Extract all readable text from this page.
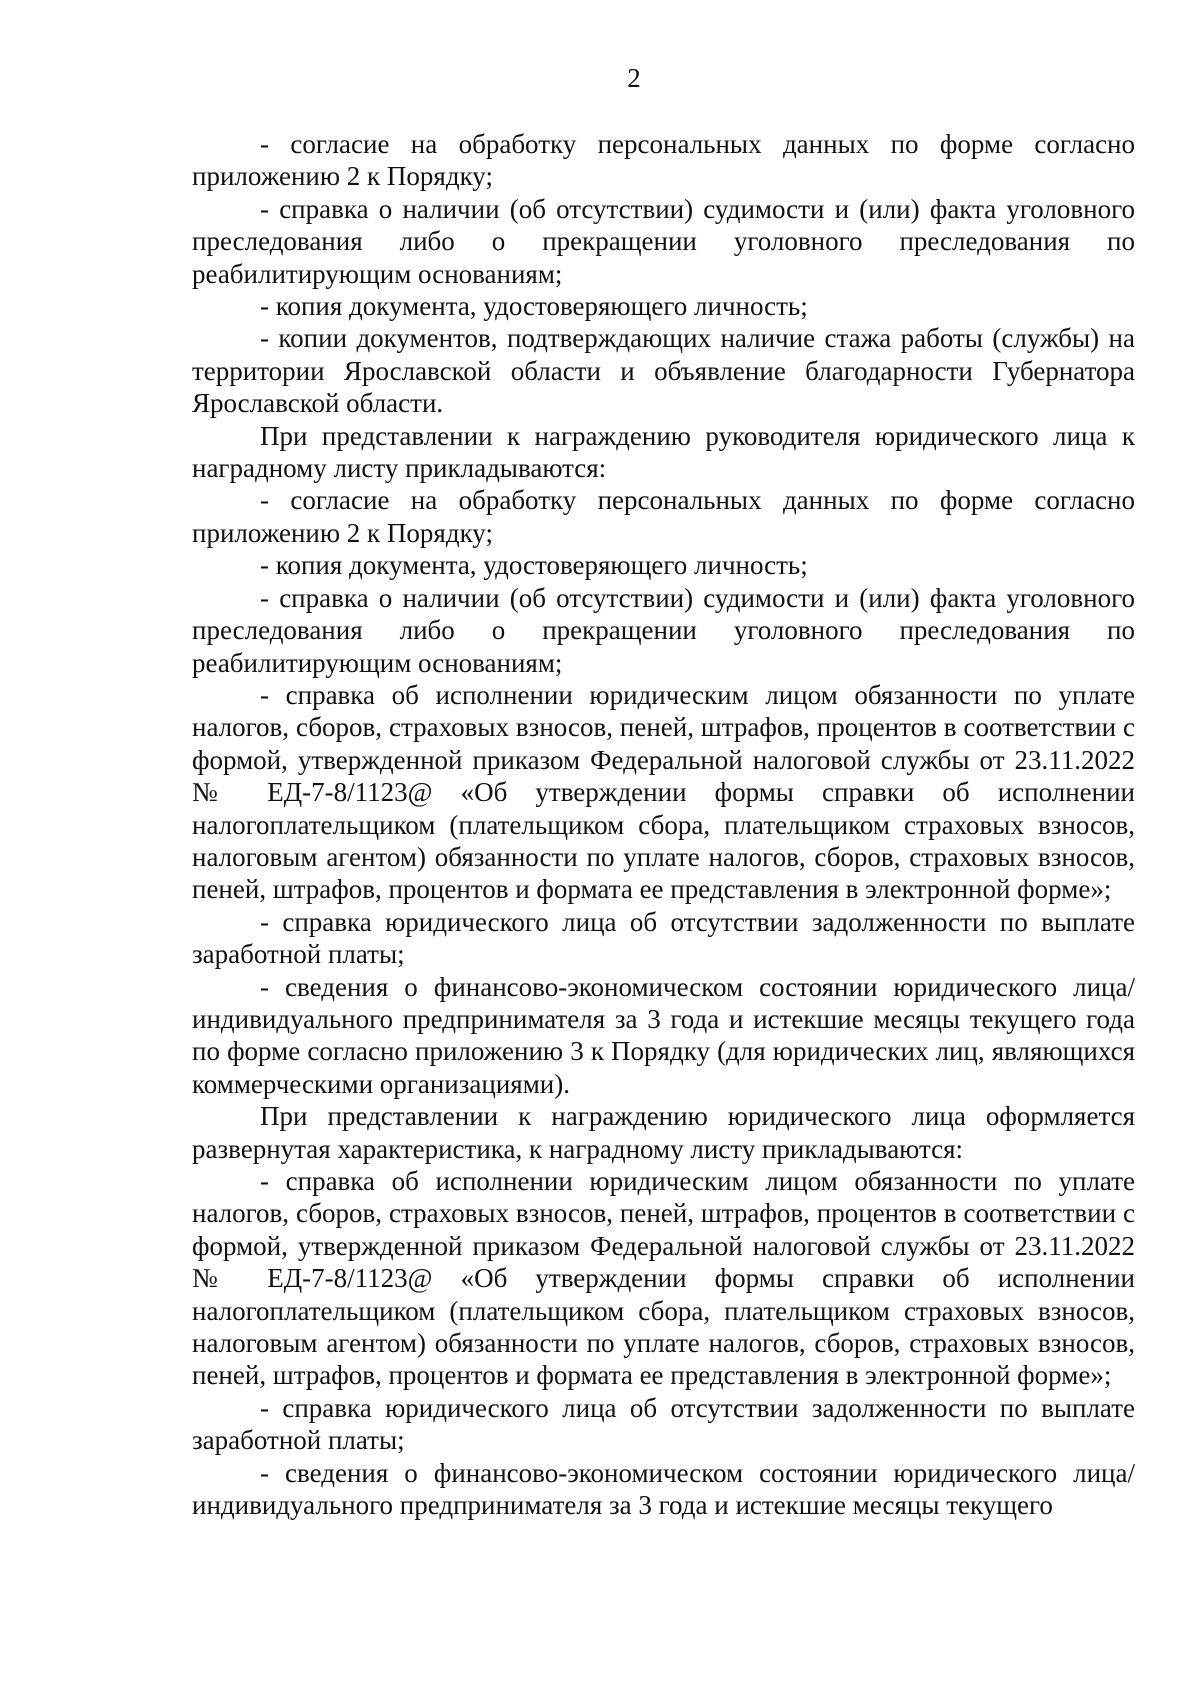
2

- согласие на обработку персональных данных по форме согласно приложению 2 к Порядку;

- справка о наличии (об отсутствии) судимости и (или) факта уголовного преследования либо о прекращении уголовного преследования по реабилитирующим основаниям;

- копия документа, удостоверяющего личность;

- копии документов, подтверждающих наличие стажа работы (службы) на территории Ярославской области и объявление благодарности Губернатора Ярославской области.

При представлении к награждению руководителя юридического лица к наградному листу прикладываются:

- согласие на обработку персональных данных по форме согласно приложению 2 к Порядку;

- копия документа, удостоверяющего личность;

- справка о наличии (об отсутствии) судимости и (или) факта уголовного преследования либо о прекращении уголовного преследования по реабилитирующим основаниям;

- справка об исполнении юридическим лицом обязанности по уплате налогов, сборов, страховых взносов, пеней, штрафов, процентов в соответствии с формой, утвержденной приказом Федеральной налоговой службы от 23.11.2022 № ЕД-7-8/1123@ «Об утверждении формы справки об исполнении налогоплательщиком (плательщиком сбора, плательщиком страховых взносов, налоговым агентом) обязанности по уплате налогов, сборов, страховых взносов, пеней, штрафов, процентов и формата ее представления в электронной форме»;

- справка юридического лица об отсутствии задолженности по выплате заработной платы;

- сведения о финансово-экономическом состоянии юридического лица/ индивидуального предпринимателя за 3 года и истекшие месяцы текущего года по форме согласно приложению 3 к Порядку (для юридических лиц, являющихся коммерческими организациями).

При представлении к награждению юридического лица оформляется развернутая характеристика, к наградному листу прикладываются:

- справка об исполнении юридическим лицом обязанности по уплате налогов, сборов, страховых взносов, пеней, штрафов, процентов в соответствии с формой, утвержденной приказом Федеральной налоговой службы от 23.11.2022 № ЕД-7-8/1123@ «Об утверждении формы справки об исполнении налогоплательщиком (плательщиком сбора, плательщиком страховых взносов, налоговым агентом) обязанности по уплате налогов, сборов, страховых взносов, пеней, штрафов, процентов и формата ее представления в электронной форме»;

- справка юридического лица об отсутствии задолженности по выплате заработной платы;

- сведения о финансово-экономическом состоянии юридического лица/ индивидуального предпринимателя за 3 года и истекшие месяцы текущего
